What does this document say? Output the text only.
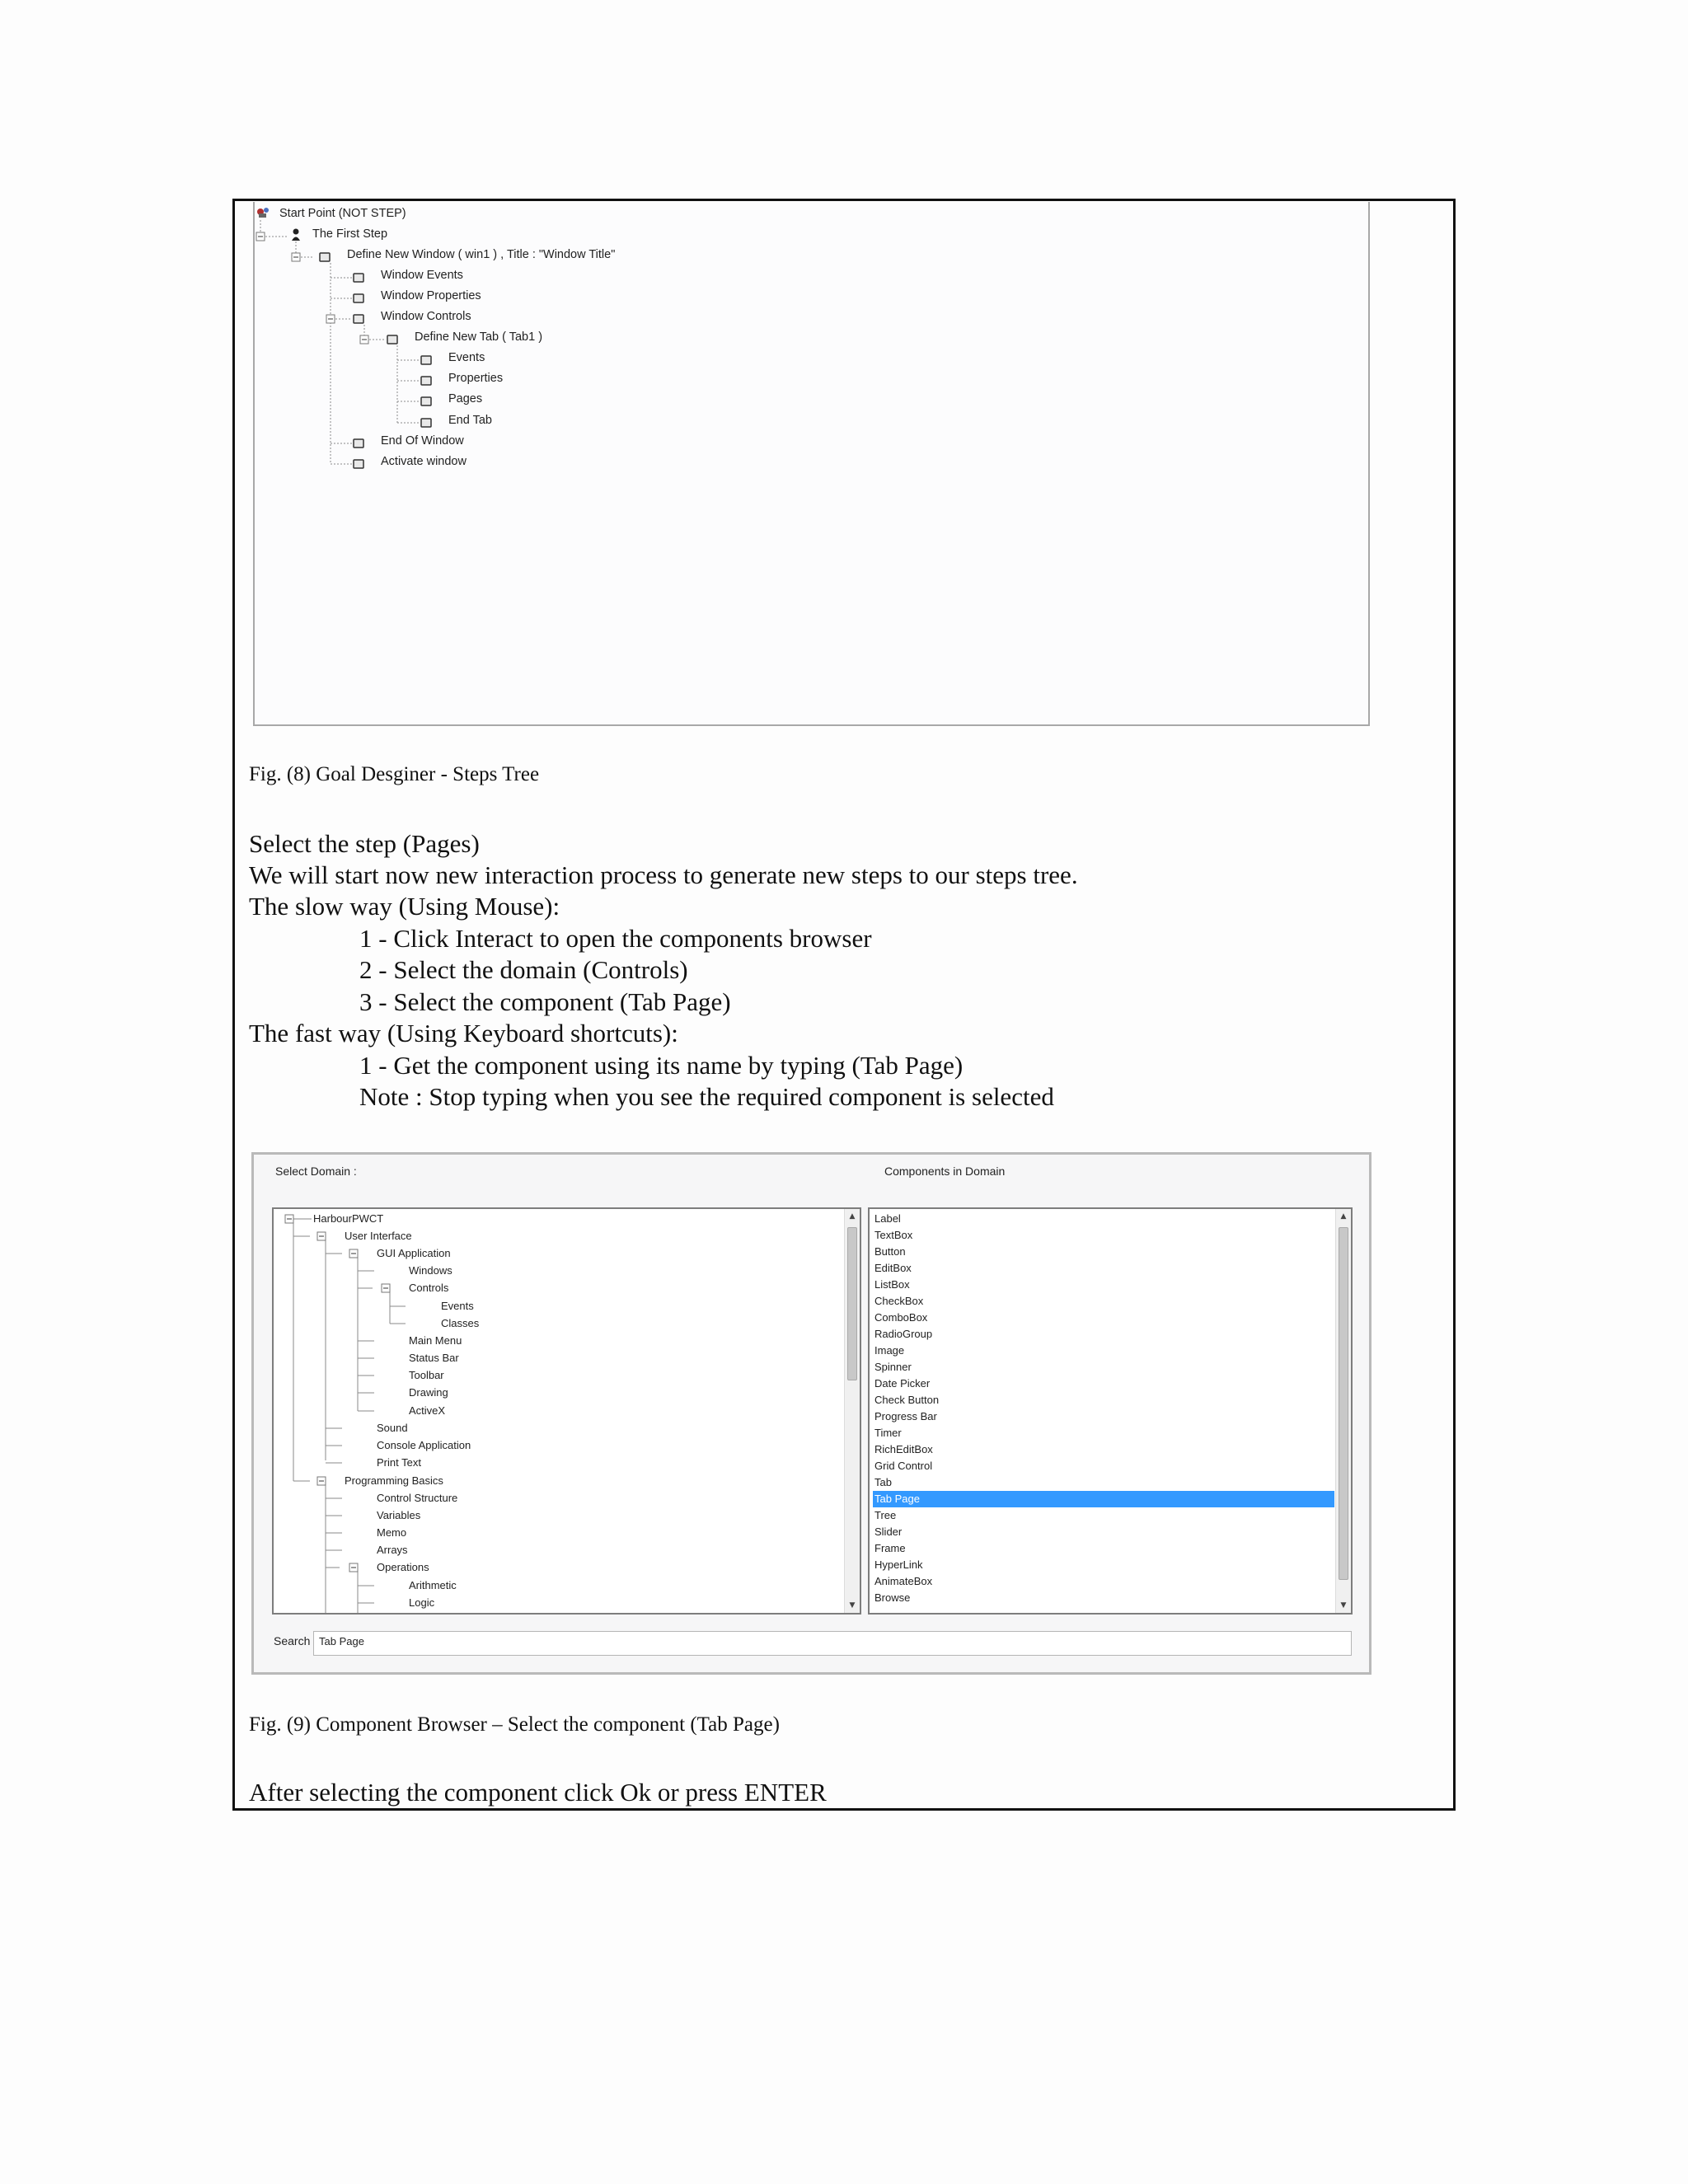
Start Point (NOT STEP)
The First Step
Define New Window ( win1 ) , Title : "Window Title"
Window Events
Window Properties
Window Controls
Define New Tab ( Tab1 )
Events
Properties
Pages
End Tab
End Of Window
Activate window
Fig. (8) Goal Desginer - Steps Tree
Select the step (Pages)
We will start now new interaction process to generate new steps to our steps tree.
The slow way (Using Mouse):
1 - Click Interact to open the components browser
2 - Select the domain (Controls)
3 - Select the component (Tab Page)
The fast way (Using Keyboard shortcuts):
1 - Get the component using its name by typing (Tab Page)
Note : Stop typing when you see the required component is selected
Select Domain :	Components in Domain
HarbourPWCT
User Interface
GUI Application
Windows
Controls
Events
Classes
Main Menu
Status Bar
Toolbar
Drawing
ActiveX
Sound
Console Application
Print Text
Programming Basics
Control Structure
Variables
Memo
Arrays
Operations
Arithmetic
Logic
▲
▼
Label
TextBox
Button
EditBox
ListBox
CheckBox
ComboBox
RadioGroup
Image
Spinner
Date Picker
Check Button
Progress Bar
Timer
RichEditBox
Grid Control
Tab
Tab Page
Tree
Slider
Frame
HyperLink
AnimateBox
Browse
▲
▼
Search Tab Page
Fig. (9) Component Browser – Select the component (Tab Page)
After selecting the component click Ok or press ENTER
